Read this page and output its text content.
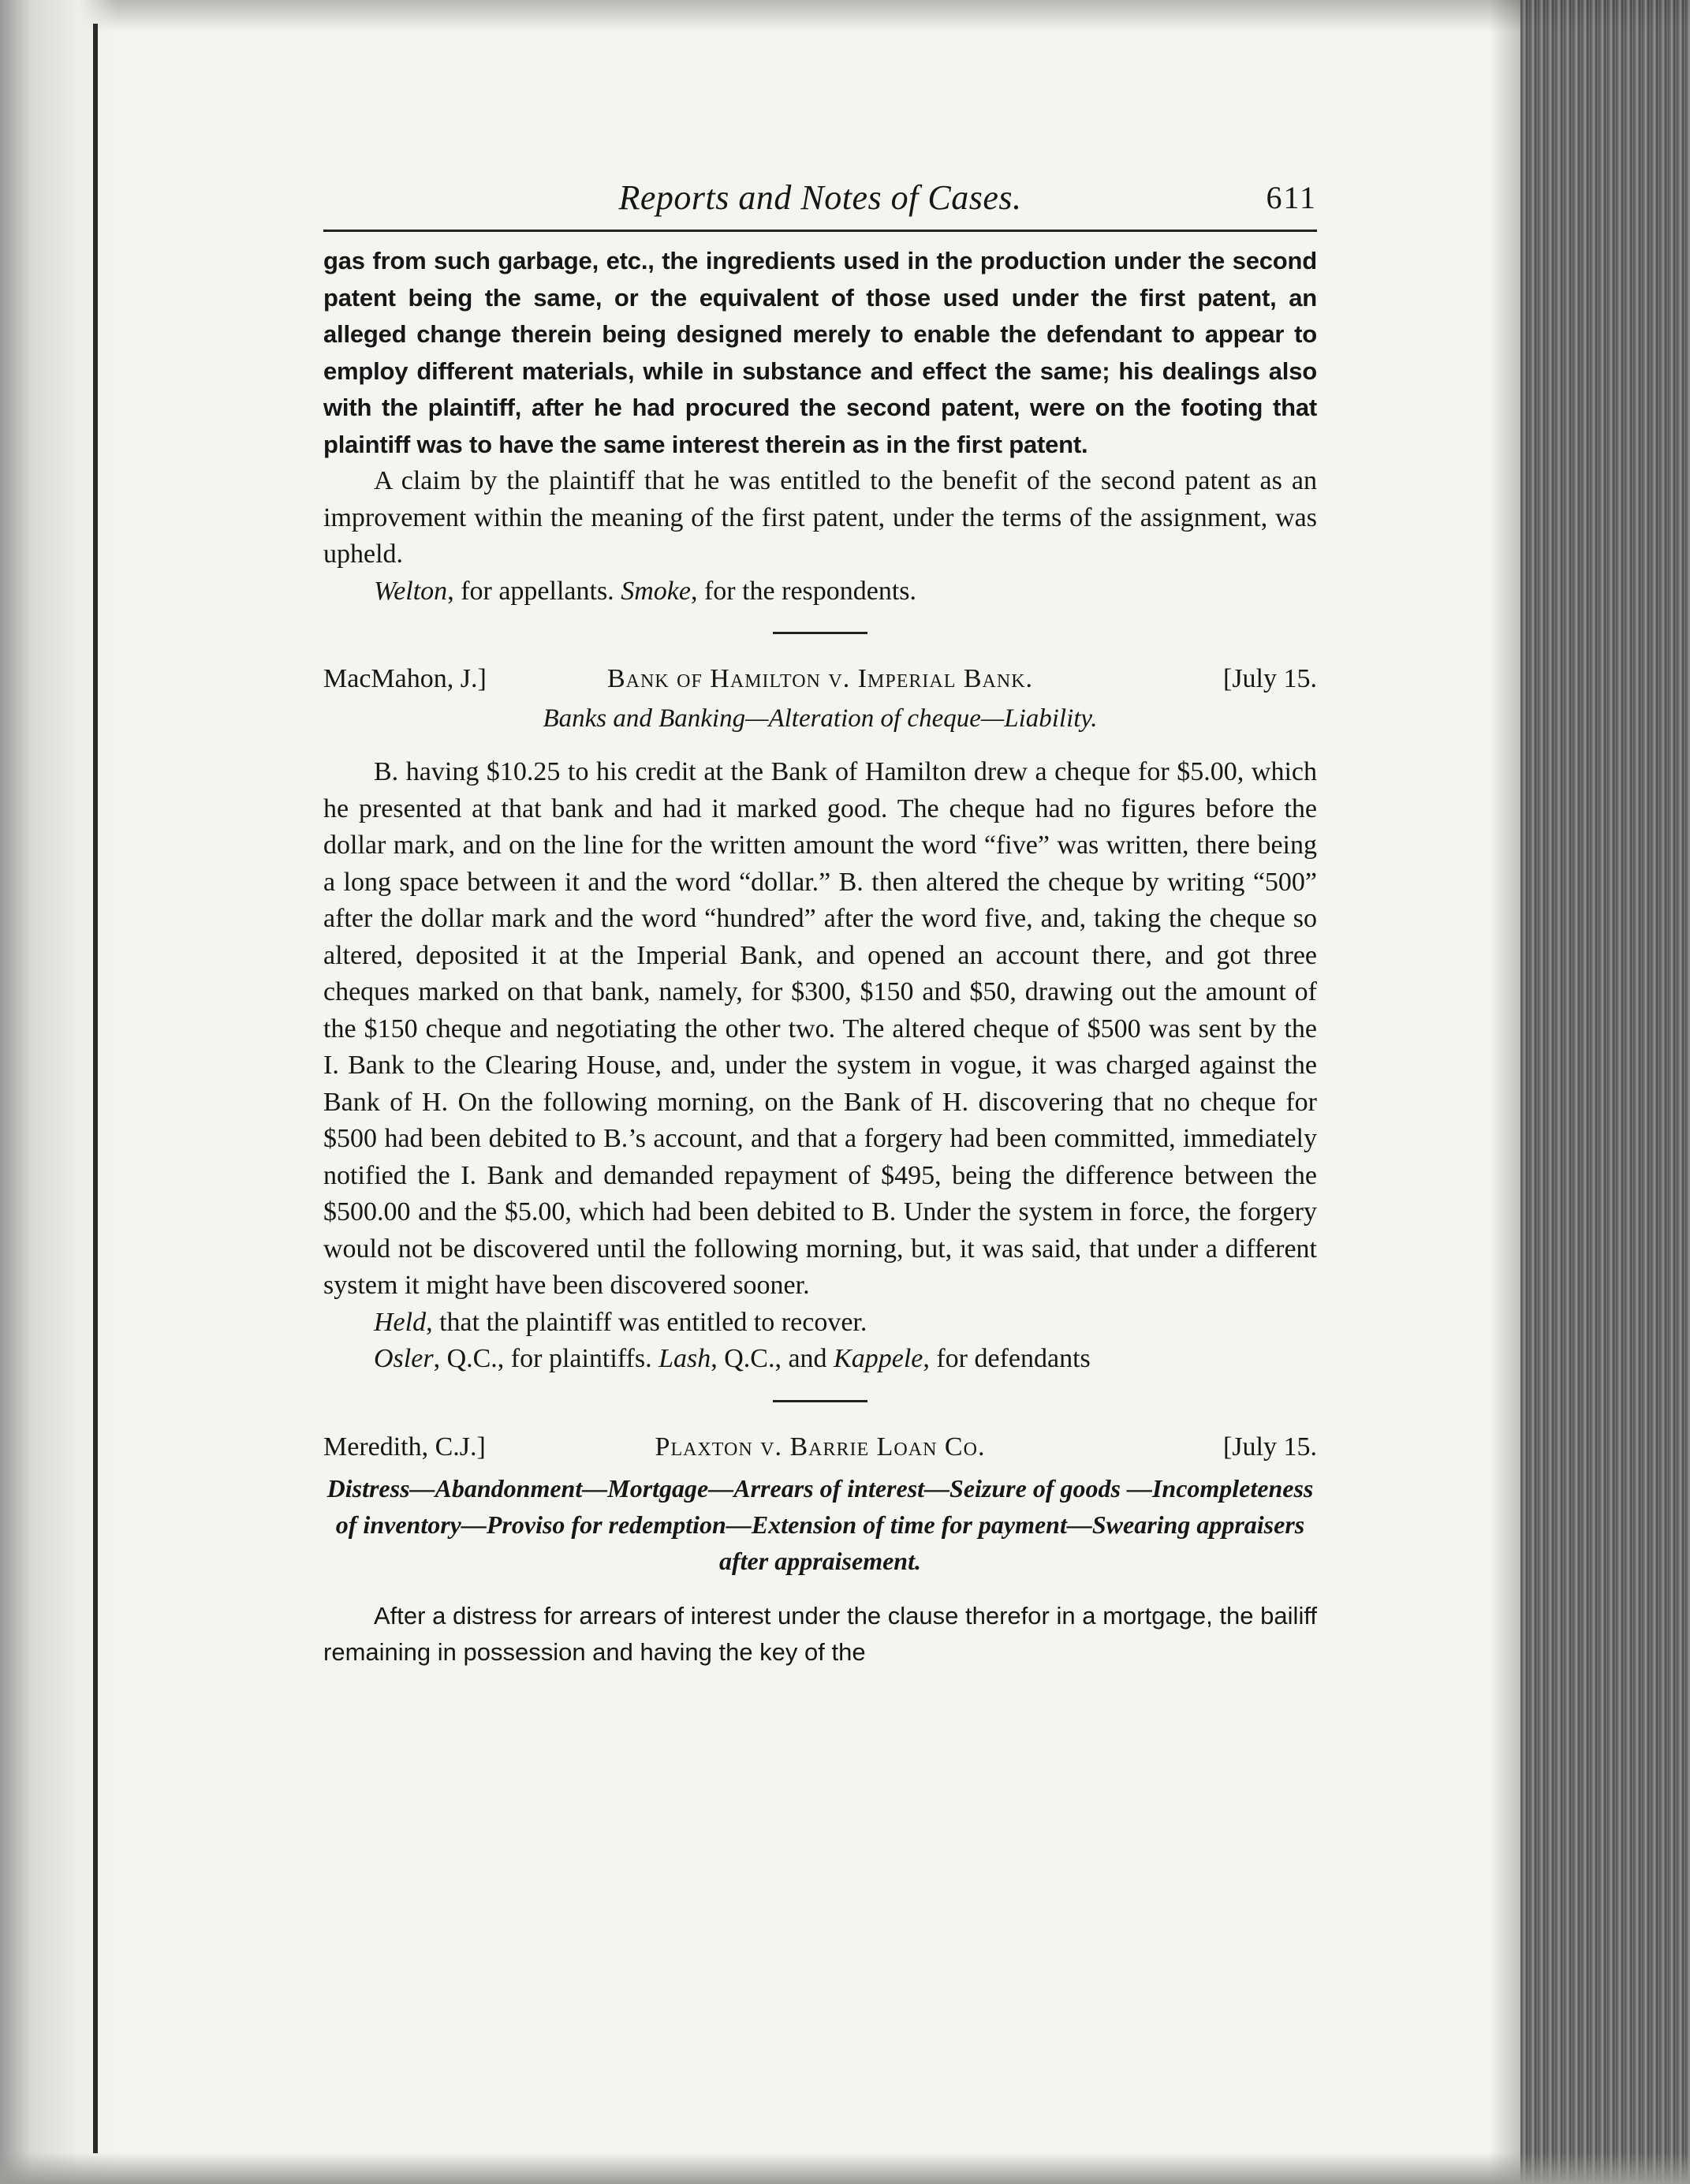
Reports and Notes of Cases.	611
gas from such garbage, etc., the ingredients used in the production under the second patent being the same, or the equivalent of those used under the first patent, an alleged change therein being designed merely to enable the defendant to appear to employ different materials, while in substance and effect the same; his dealings also with the plaintiff, after he had procured the second patent, were on the footing that plaintiff was to have the same interest therein as in the first patent.

A claim by the plaintiff that he was entitled to the benefit of the second patent as an improvement within the meaning of the first patent, under the terms of the assignment, was upheld.

Welton, for appellants. Smoke, for the respondents.
MacMahon, J.]	Bank of Hamilton v. Imperial Bank.	[July 15.
Banks and Banking—Alteration of cheque—Liability.

B. having $10.25 to his credit at the Bank of Hamilton drew a cheque for $5.00, which he presented at that bank and had it marked good. The cheque had no figures before the dollar mark, and on the line for the written amount the word “five” was written, there being a long space between it and the word “dollar.” B. then altered the cheque by writing “500” after the dollar mark and the word “hundred” after the word five, and, taking the cheque so altered, deposited it at the Imperial Bank, and opened an account there, and got three cheques marked on that bank, namely, for $300, $150 and $50, drawing out the amount of the $150 cheque and negotiating the other two. The altered cheque of $500 was sent by the I. Bank to the Clearing House, and, under the system in vogue, it was charged against the Bank of H. On the following morning, on the Bank of H. discovering that no cheque for $500 had been debited to B.’s account, and that a forgery had been committed, immediately notified the I. Bank and demanded repayment of $495, being the difference between the $500.00 and the $5.00, which had been debited to B. Under the system in force, the forgery would not be discovered until the following morning, but, it was said, that under a different system it might have been discovered sooner.

Held, that the plaintiff was entitled to recover.
Osler, Q.C., for plaintiffs. Lash, Q.C., and Kappele, for defendants
Meredith, C.J.]	Plaxton v. Barrie Loan Co.	[July 15.
Distress—Abandonment—Mortgage—Arrears of interest—Seizure of goods —Incompleteness of inventory—Proviso for redemption—Extension of time for payment—Swearing appraisers after appraisement.
After a distress for arrears of interest under the clause therefor in a mortgage, the bailiff remaining in possession and having the key of the
